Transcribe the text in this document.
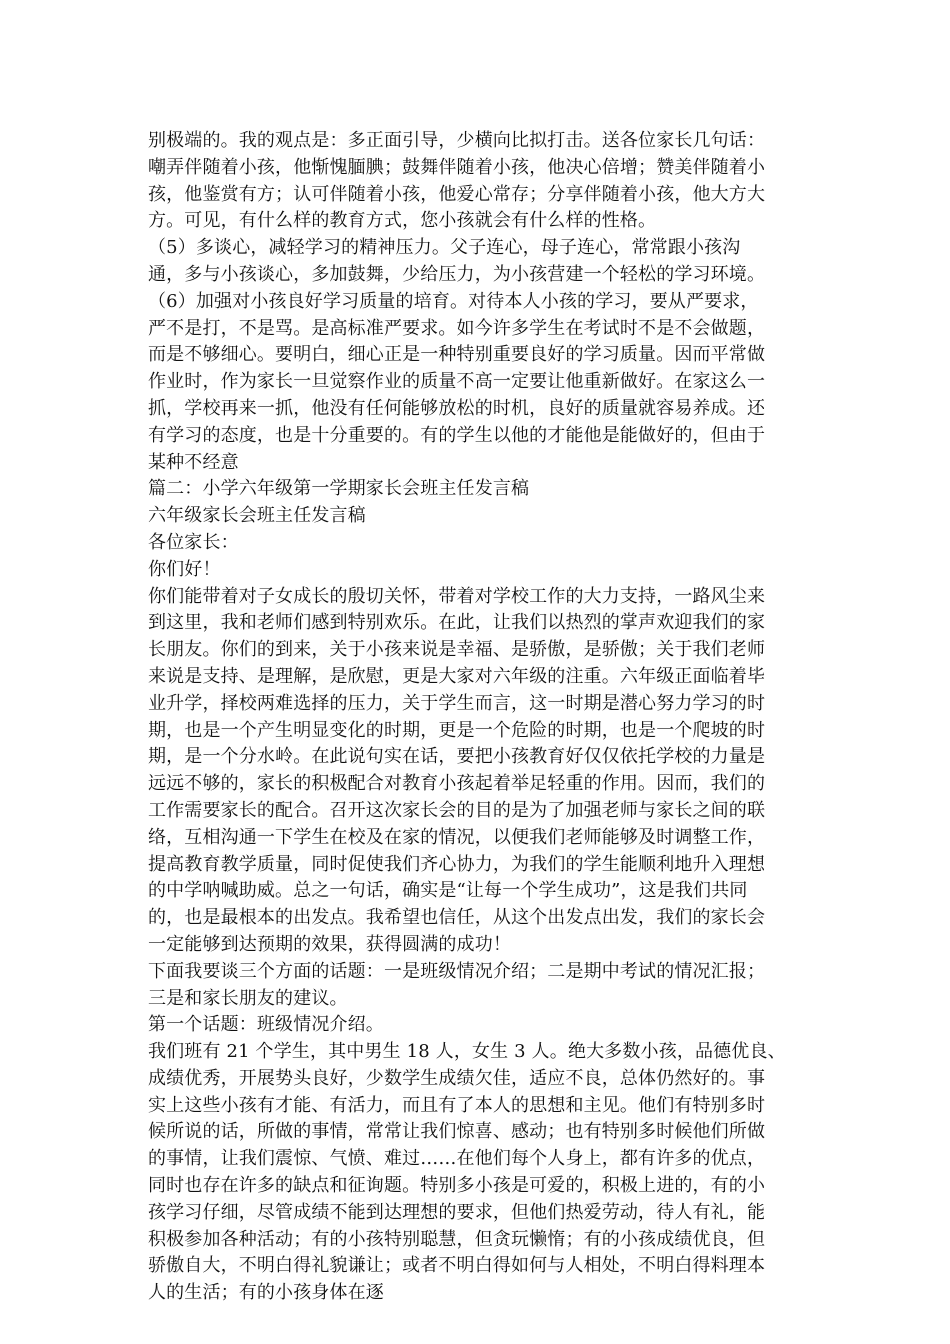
别极端的。我的观点是：多正面引导，少横向比拟打击。送各位家长几句话：
嘲弄伴随着小孩，他惭愧腼腆；鼓舞伴随着小孩，他决心倍增；赞美伴随着小
孩，他鉴赏有方；认可伴随着小孩，他爱心常存；分享伴随着小孩，他大方大
方。可见，有什么样的教育方式，您小孩就会有什么样的性格。
（5）多谈心，减轻学习的精神压力。父子连心，母子连心，常常跟小孩沟
通，多与小孩谈心，多加鼓舞，少给压力，为小孩营建一个轻松的学习环境。
（6）加强对小孩良好学习质量的培育。对待本人小孩的学习，要从严要求，
严不是打，不是骂。是高标准严要求。如今许多学生在考试时不是不会做题，
而是不够细心。要明白，细心正是一种特别重要良好的学习质量。因而平常做
作业时，作为家长一旦觉察作业的质量不高一定要让他重新做好。在家这么一
抓，学校再来一抓，他没有任何能够放松的时机，良好的质量就容易养成。还
有学习的态度，也是十分重要的。有的学生以他的才能他是能做好的，但由于
某种不经意
篇二：小学六年级第一学期家长会班主任发言稿
六年级家长会班主任发言稿
各位家长：
你们好！
你们能带着对子女成长的殷切关怀，带着对学校工作的大力支持，一路风尘来
到这里，我和老师们感到特别欢乐。在此，让我们以热烈的掌声欢迎我们的家
长朋友。你们的到来，关于小孩来说是幸福、是骄傲，是骄傲；关于我们老师
来说是支持、是理解，是欣慰，更是大家对六年级的注重。六年级正面临着毕
业升学，择校两难选择的压力，关于学生而言，这一时期是潜心努力学习的时
期，也是一个产生明显变化的时期，更是一个危险的时期，也是一个爬坡的时
期，是一个分水岭。在此说句实在话，要把小孩教育好仅仅依托学校的力量是
远远不够的，家长的积极配合对教育小孩起着举足轻重的作用。因而，我们的
工作需要家长的配合。召开这次家长会的目的是为了加强老师与家长之间的联
络，互相沟通一下学生在校及在家的情况，以便我们老师能够及时调整工作，
提高教育教学质量，同时促使我们齐心协力，为我们的学生能顺利地升入理想
的中学呐喊助威。总之一句话，确实是“让每一个学生成功”，这是我们共同
的，也是最根本的出发点。我希望也信任，从这个出发点出发，我们的家长会
一定能够到达预期的效果，获得圆满的成功！
下面我要谈三个方面的话题：一是班级情况介绍；二是期中考试的情况汇报；
三是和家长朋友的建议。
第一个话题：班级情况介绍。
我们班有 21 个学生，其中男生 18 人，女生 3 人。绝大多数小孩，品德优良、
成绩优秀，开展势头良好，少数学生成绩欠佳，适应不良，总体仍然好的。事
实上这些小孩有才能、有活力，而且有了本人的思想和主见。他们有特别多时
候所说的话，所做的事情，常常让我们惊喜、感动；也有特别多时候他们所做
的事情，让我们震惊、气愤、难过……在他们每个人身上，都有许多的优点，
同时也存在许多的缺点和征询题。特别多小孩是可爱的，积极上进的，有的小
孩学习仔细，尽管成绩不能到达理想的要求，但他们热爱劳动，待人有礼，能
积极参加各种活动；有的小孩特别聪慧，但贪玩懒惰；有的小孩成绩优良，但
骄傲自大，不明白得礼貌谦让；或者不明白得如何与人相处，不明白得料理本
人的生活；有的小孩身体在逐
